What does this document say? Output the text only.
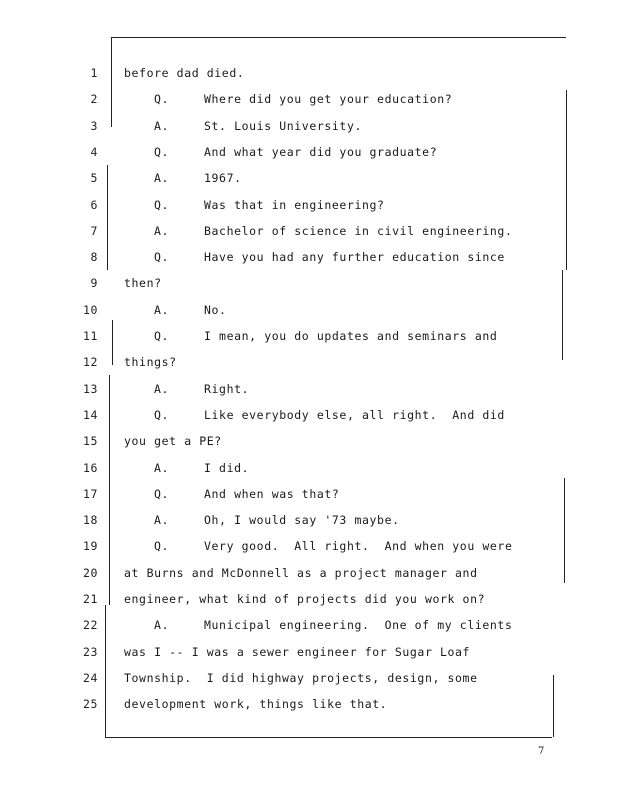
1 before dad died.
2	Q.	Where did you get your education?
3	A.	St. Louis University.
4	Q.	And what year did you graduate?
5	A.	1967.
6	Q.	Was that in engineering?
7	A.	Bachelor of science in civil engineering.
8	Q.	Have you had any further education since
9 then?
10	A.	No.
11	Q.	I mean, you do updates and seminars and
12 things?
13	A.	Right.
14	Q.	Like everybody else, all right.  And did
15 you get a PE?
16	A.	I did.
17	Q.	And when was that?
18	A.	Oh, I would say '73 maybe.
19	Q.	Very good.  All right.  And when you were
20 at Burns and McDonnell as a project manager and
21 engineer, what kind of projects did you work on?
22	A.	Municipal engineering.  One of my clients
23 was I -- I was a sewer engineer for Sugar Loaf
24 Township.  I did highway projects, design, some
25 development work, things like that.
7
